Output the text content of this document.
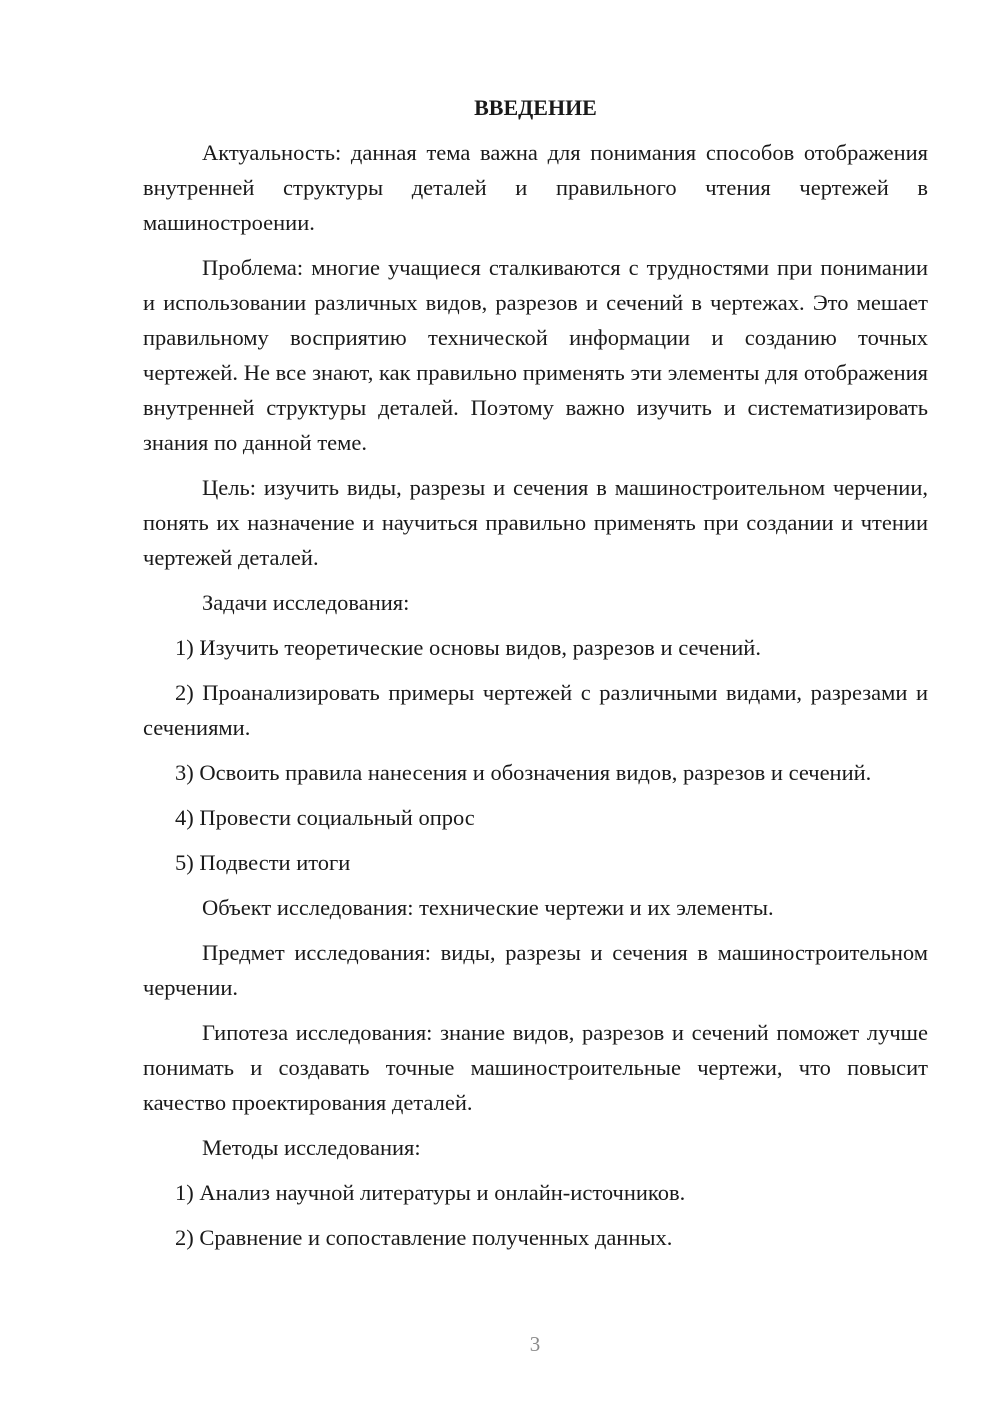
ВВЕДЕНИЕ

Актуальность: данная тема важна для понимания способов отображения внутренней структуры деталей и правильного чтения чертежей в машиностроении.

Проблема: многие учащиеся сталкиваются с трудностями при понимании и использовании различных видов, разрезов и сечений в чертежах. Это мешает правильному восприятию технической информации и созданию точных чертежей. Не все знают, как правильно применять эти элементы для отображения внутренней структуры деталей. Поэтому важно изучить и систематизировать знания по данной теме.

Цель: изучить виды, разрезы и сечения в машиностроительном черчении, понять их назначение и научиться правильно применять при создании и чтении чертежей деталей.

Задачи исследования:

1) Изучить теоретические основы видов, разрезов и сечений.

2) Проанализировать примеры чертежей с различными видами, разрезами и сечениями.

3) Освоить правила нанесения и обозначения видов, разрезов и сечений.

4) Провести социальный опрос

5) Подвести итоги

Объект исследования: технические чертежи и их элементы.

Предмет исследования: виды, разрезы и сечения в машиностроительном черчении.

Гипотеза исследования: знание видов, разрезов и сечений поможет лучше понимать и создавать точные машиностроительные чертежи, что повысит качество проектирования деталей.

Методы исследования:

1) Анализ научной литературы и онлайн-источников.

2) Сравнение и сопоставление полученных данных.

3
